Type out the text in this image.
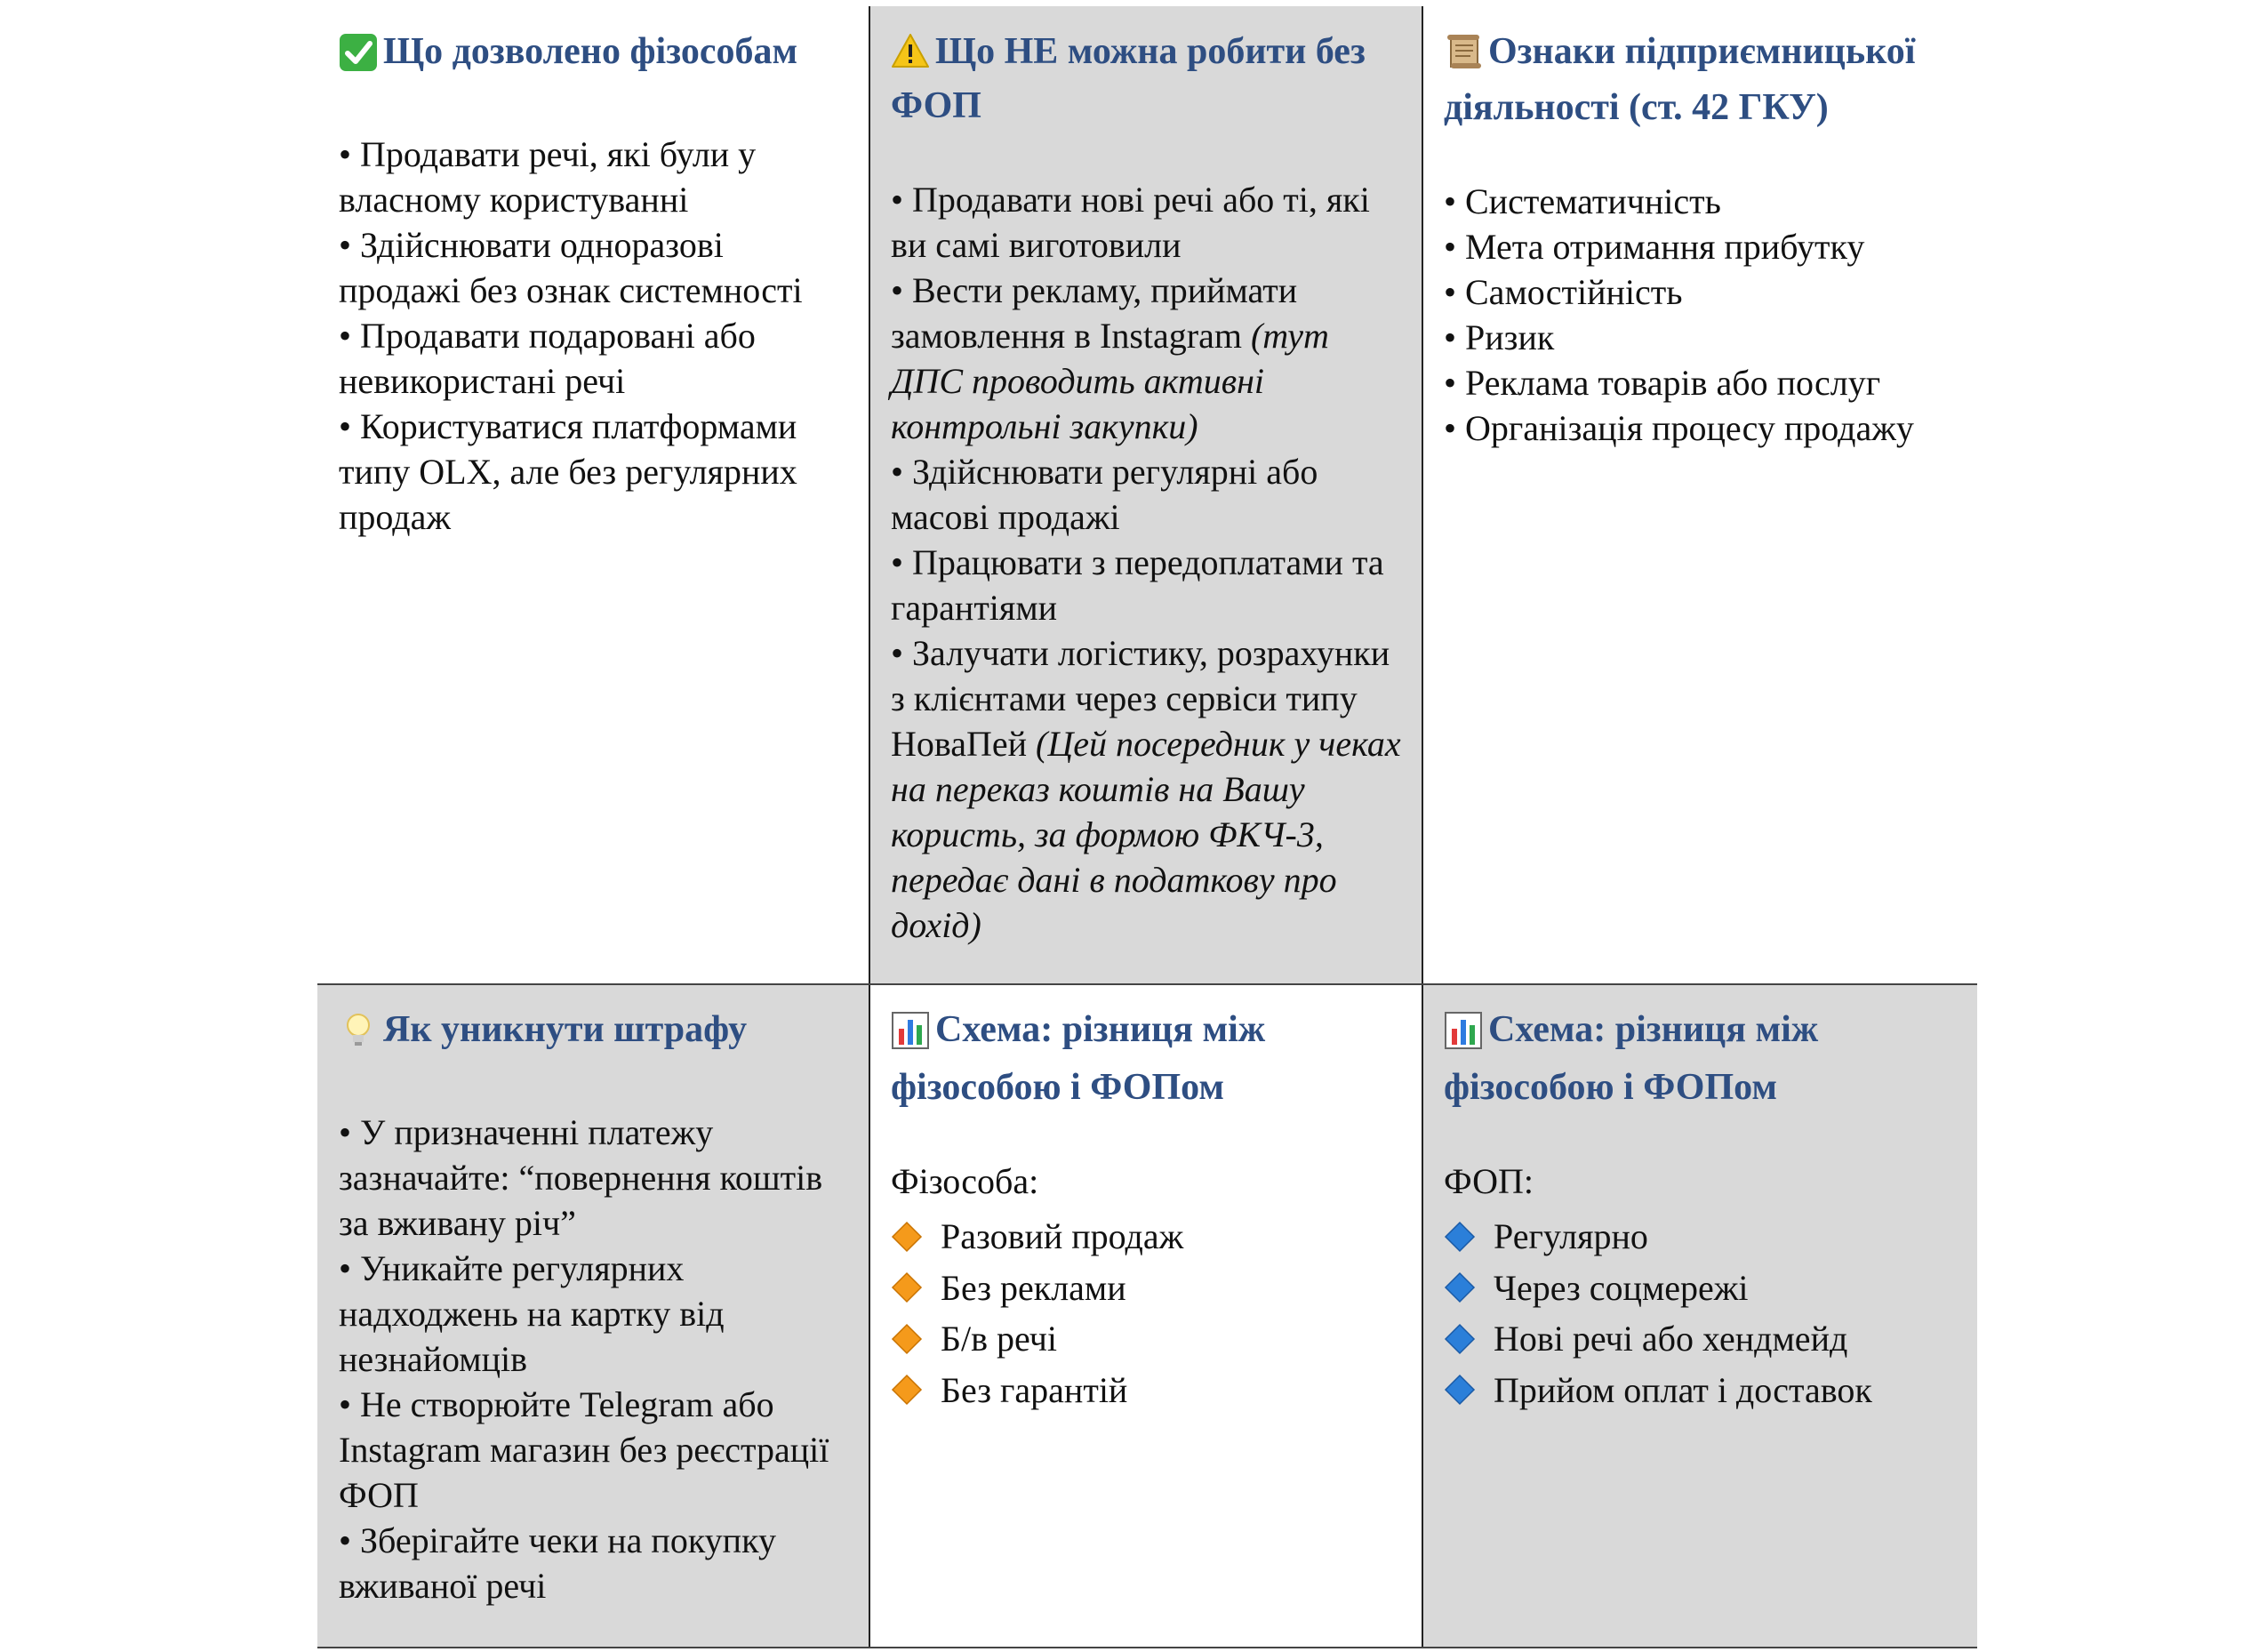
Що дозволено фізособам

• Продавати речі, які були у власному користуванні

• Здійснювати одноразові продажі без ознак системності

• Продавати подаровані або невикористані речі

• Користуватися платформами типу OLX, але без регулярних продаж

Що НЕ можна робити без ФОП

• Продавати нові речі або ті, які ви самі виготовили

• Вести рекламу, приймати замовлення в Instagram (тут ДПС проводить активні контрольні закупки)

• Здійснювати регулярні або масові продажі

• Працювати з передоплатами та гарантіями

• Залучати логістику, розрахунки з клієнтами через сервіси типу НоваПей (Цей посередник у чеках на переказ коштів на Вашу користь, за формою ФКЧ-3, передає дані в податкову про дохід)

Ознаки підприємницької діяльності (ст. 42 ГКУ)

• Систематичність

• Мета отримання прибутку

• Самостійність

• Ризик

• Реклама товарів або послуг

• Організація процесу продажу

Як уникнути штрафу

• У призначенні платежу зазначайте: “повернення коштів за вживану річ”

• Уникайте регулярних надходжень на картку від незнайомців

• Не створюйте Telegram або Instagram магазин без реєстрації ФОП

• Зберігайте чеки на покупку вживаної речі

Схема: різниця між фізособою і ФОПом
Фізособа:
Разовий продаж
Без реклами
Б/в речі
Без гарантій
Схема: різниця між фізособою і ФОПом
ФОП:
Регулярно
Через соцмережі
Нові речі або хендмейд
Прийом оплат і доставок
